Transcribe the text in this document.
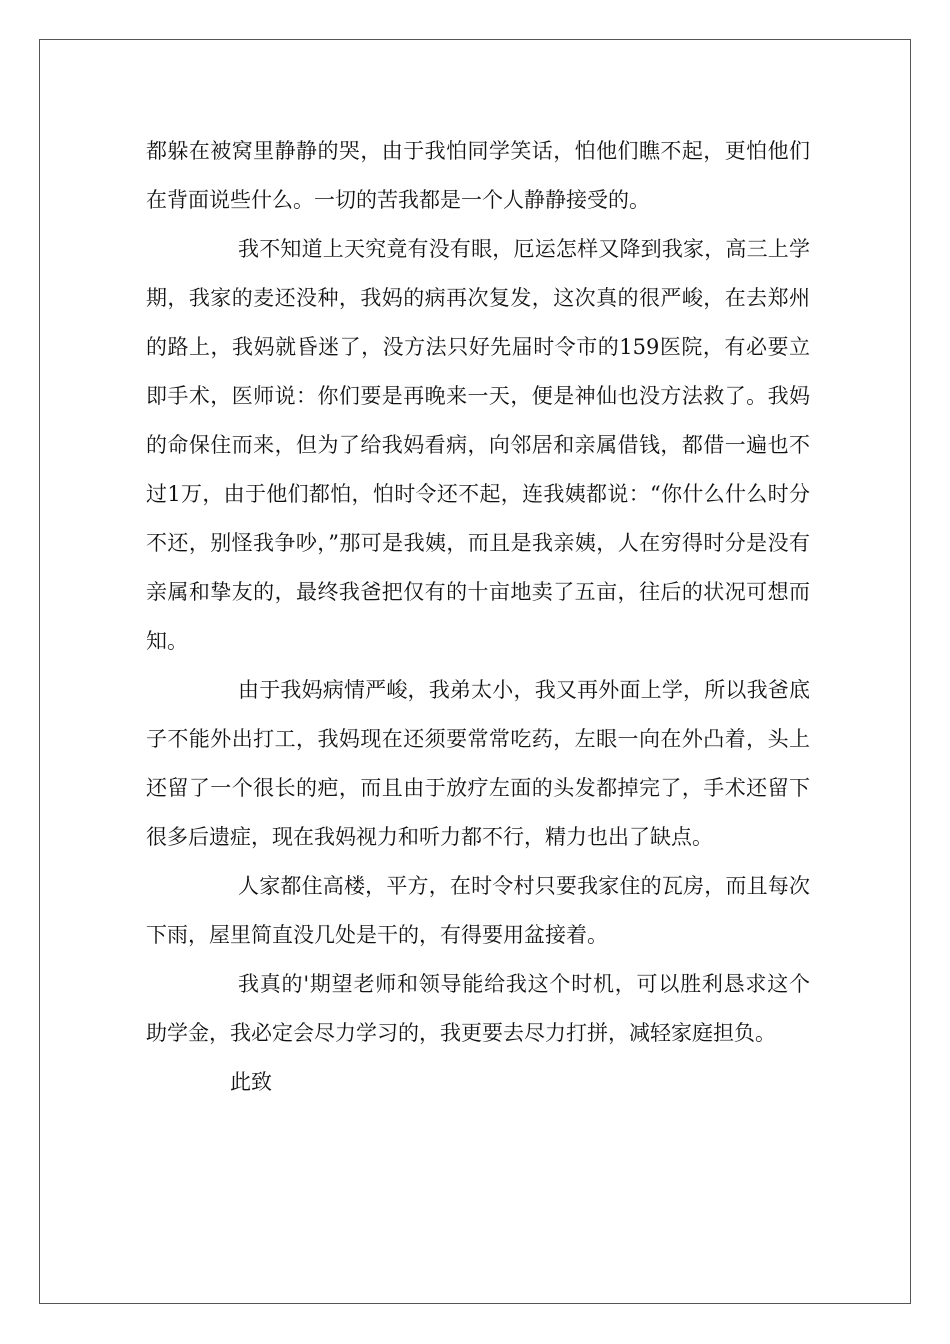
都躲在被窝里静静的哭，由于我怕同学笑话，怕他们瞧不起，更怕他们在背面说些什么。一切的苦我都是一个人静静接受的。

我不知道上天究竟有没有眼，厄运怎样又降到我家，高三上学期，我家的麦还没种，我妈的病再次复发，这次真的很严峻，在去郑州的路上，我妈就昏迷了，没方法只好先届时令市的159医院，有必要立即手术，医师说：你们要是再晚来一天，便是神仙也没方法救了。我妈的命保住而来，但为了给我妈看病，向邻居和亲属借钱，都借一遍也不过1万，由于他们都怕，怕时令还不起，连我姨都说：“你什么什么时分不还，别怪我争吵，”那可是我姨，而且是我亲姨，人在穷得时分是没有亲属和挚友的，最终我爸把仅有的十亩地卖了五亩，往后的状况可想而知。

由于我妈病情严峻，我弟太小，我又再外面上学，所以我爸底子不能外出打工，我妈现在还须要常常吃药，左眼一向在外凸着，头上还留了一个很长的疤，而且由于放疗左面的头发都掉完了，手术还留下很多后遗症，现在我妈视力和听力都不行，精力也出了缺点。

人家都住高楼，平方，在时令村只要我家住的瓦房，而且每次下雨，屋里简直没几处是干的，有得要用盆接着。

我真的'期望老师和领导能给我这个时机，可以胜利恳求这个助学金，我必定会尽力学习的，我更要去尽力打拼，减轻家庭担负。

此致
